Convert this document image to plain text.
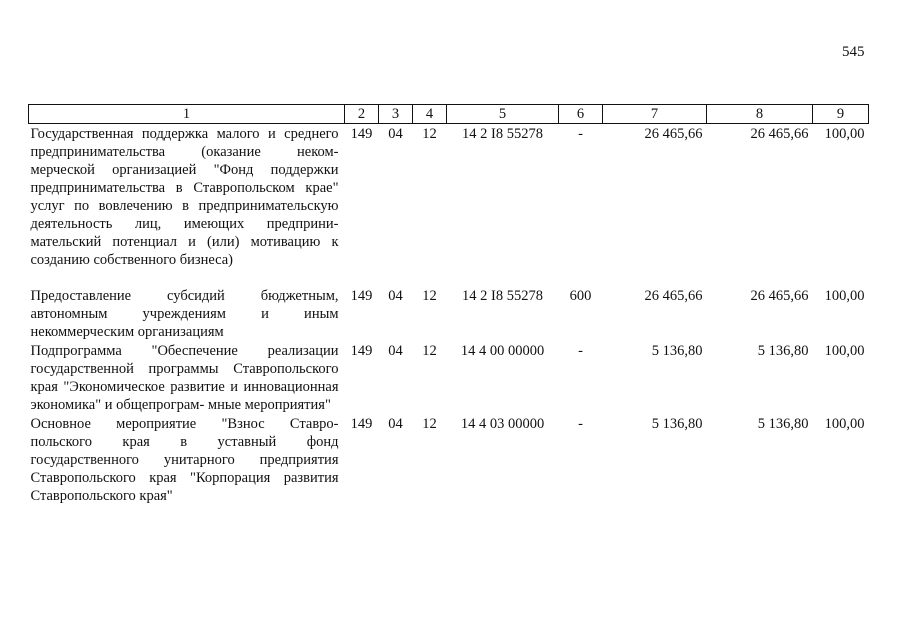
545
1	2	3	4	5	6	7	8	9
Государственная поддержка малого и среднего предпринимательства (оказание неком- мерческой организацией "Фонд поддержки предпринимательства в Ставропольском крае" услуг по вовлечению в предпринимательскую деятельность лиц, имеющих предприни- мательский потенциал и (или) мотивацию к созданию собственного бизнеса)	149	04	12	14 2 I8 55278	-	26 465,66	26 465,66	100,00

Предоставление субсидий бюджетным, автономным учреждениям и иным некоммерческим организациям	149	04	12	14 2 I8 55278	600	26 465,66	26 465,66	100,00
Подпрограмма "Обеспечение реализации государственной программы Ставропольского края "Экономическое развитие и инновационная экономика" и общепрограм- мные мероприятия"	149	04	12	14 4 00 00000	-	5 136,80	5 136,80	100,00
Основное мероприятие "Взнос Ставро- польского края в уставный фонд государственного унитарного предприятия Ставропольского края "Корпорация развития Ставропольского края"	149	04	12	14 4 03 00000	-	5 136,80	5 136,80	100,00
